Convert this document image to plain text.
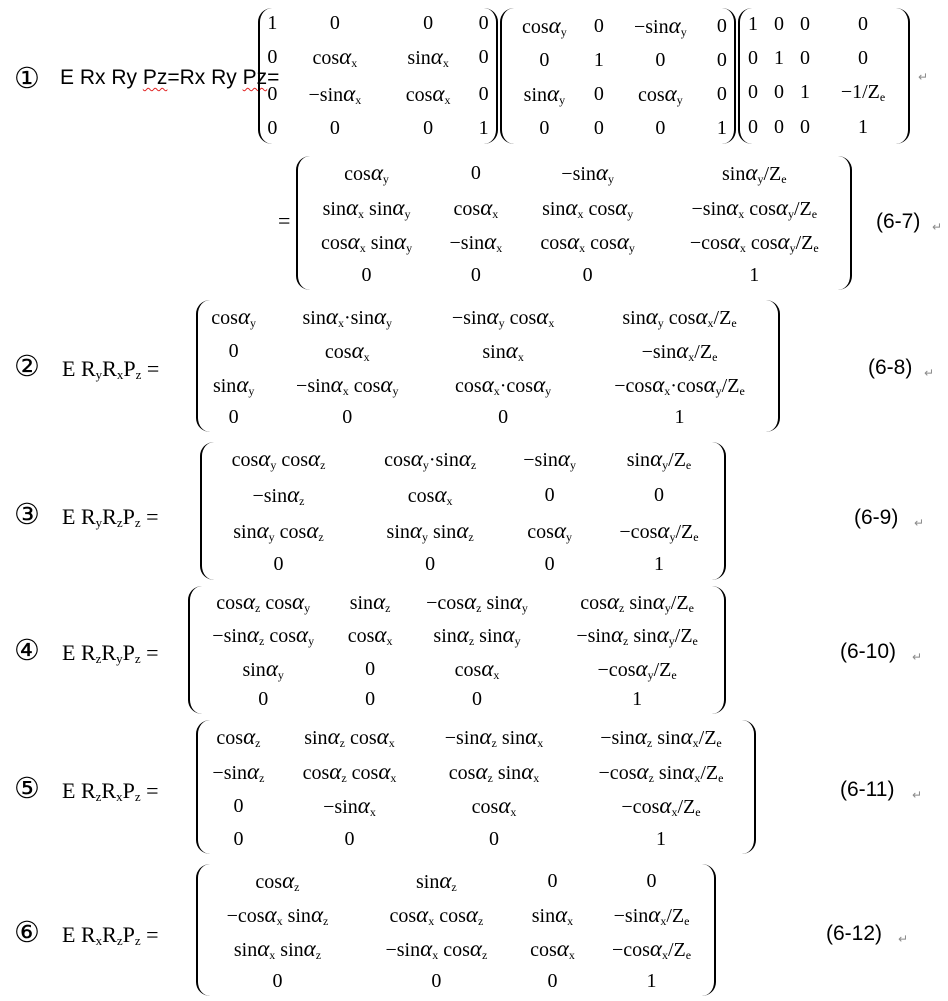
① E Rx Ry Pz=Rx Ry Pz=
1	0	0	0
0	cosα$_x$	sinα$_x$	0
0	−sinα$_x$	cosα$_x$	0
0	0	0	1
cosα$_y$	0	−sinα$_y$	0
0	1	0	0
sinα$_y$	0	cosα$_y$	0
0	0	0	1
1	0	0	0
0	1	0	0
0	0	1	$-1/Z_e$
0	0	0	1
↵
=
cosα$_y$	0	−sinα$_y$	$\sin\alpha_y/Z_e$
sinα$_x$ sinα$_y$	cosα$_x$	sinα$_x$ cosα$_y$	−sinα$_x$ $\cos\alpha_y/Z_e$
cosα$_x$ sinα$_y$	−sinα$_x$	cosα$_x$ cosα$_y$	−cosα$_x$ $\cos\alpha_y/Z_e$
0	0	0	1
(6-7) ↵
② E $R_yR_xP_z$ =
cosα$_y$	sinα$_x$·sinα$_y$	−sinα$_y$ cosα$_x$	sinα$_y$ $\cos\alpha_x/Z_e$
0	cosα$_x$	sinα$_x$	$-\sin\alpha_x/Z_e$
sinα$_y$	−sinα$_x$ cosα$_y$	cosα$_x$·cosα$_y$	$-\cos\alpha_x\cdot\cos\alpha_y/Z_e$
0	0	0	1
(6-8) ↵
③ E $R_yR_zP_z$ =
cosα$_y$ cosα$_z$	cosα$_y$·sinα$_z$	−sinα$_y$	$\sin\alpha_y/Z_e$
−sinα$_z$	cosα$_x$	0	0
sinα$_y$ cosα$_z$	sinα$_y$ sinα$_z$	cosα$_y$	$-\cos\alpha_y/Z_e$
0	0	0	1
(6-9) ↵
④ E $R_zR_yP_z$ =
cosα$_z$ cosα$_y$	sinα$_z$	−cosα$_z$ sinα$_y$	cosα$_z$ $\sin\alpha_y/Z_e$
−sinα$_z$ cosα$_y$	cosα$_x$	sinα$_z$ sinα$_y$	−sinα$_z$ $\sin\alpha_y/Z_e$
sinα$_y$	0	cosα$_x$	$-\cos\alpha_y/Z_e$
0	0	0	1
(6-10) ↵
⑤ E $R_zR_xP_z$ =
cosα$_z$	sinα$_z$ cosα$_x$	−sinα$_z$ sinα$_x$	−sinα$_z$ $\sin\alpha_x/Z_e$
−sinα$_z$	cosα$_z$ cosα$_x$	cosα$_z$ sinα$_x$	−cosα$_z$ $\sin\alpha_x/Z_e$
0	−sinα$_x$	cosα$_x$	$-\cos\alpha_x/Z_e$
0	0	0	1
(6-11) ↵
⑥ E $R_xR_zP_z$ =
cosα$_z$	sinα$_z$	0	0
−cosα$_x$ sinα$_z$	cosα$_x$ cosα$_z$	sinα$_x$	$-\sin\alpha_x/Z_e$
sinα$_x$ sinα$_z$	−sinα$_x$ cosα$_z$	cosα$_x$	$-\cos\alpha_x/Z_e$
0	0	0	1
(6-12) ↵
